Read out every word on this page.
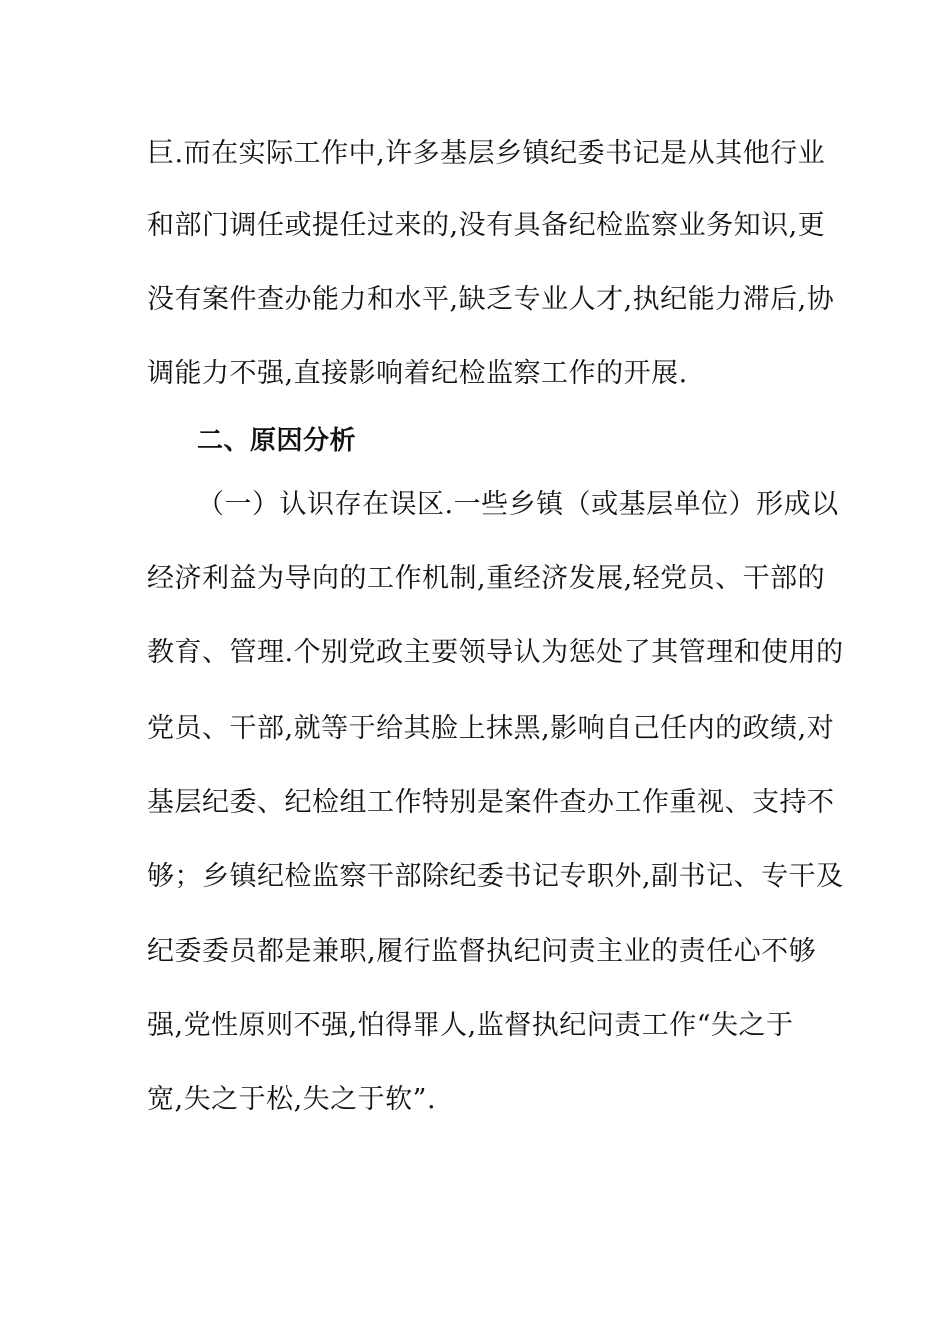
巨.而在实际工作中,许多基层乡镇纪委书记是从其他行业
和部门调任或提任过来的,没有具备纪检监察业务知识,更
没有案件查办能力和水平,缺乏专业人才,执纪能力滞后,协
调能力不强,直接影响着纪检监察工作的开展.
二、原因分析
（一）认识存在误区.一些乡镇（或基层单位）形成以
经济利益为导向的工作机制,重经济发展,轻党员、干部的
教育、管理.个别党政主要领导认为惩处了其管理和使用的
党员、干部,就等于给其脸上抹黑,影响自己任内的政绩,对
基层纪委、纪检组工作特别是案件查办工作重视、支持不
够；乡镇纪检监察干部除纪委书记专职外,副书记、专干及
纪委委员都是兼职,履行监督执纪问责主业的责任心不够
强,党性原则不强,怕得罪人,监督执纪问责工作“失之于
宽,失之于松,失之于软”.
